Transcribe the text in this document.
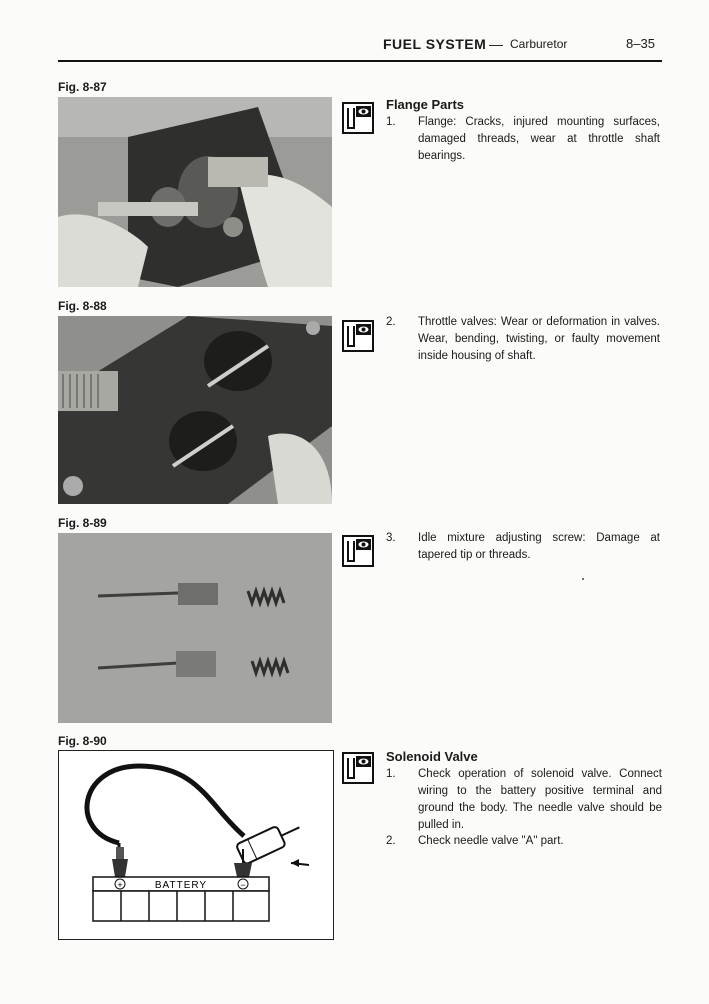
FUEL SYSTEM — Carburetor	8–35
Fig. 8-87
Fig. 8-88
Fig. 8-89
Fig. 8-90
+	−
BATTERY
Flange Parts
1. Flange: Cracks, injured mounting surfaces, damaged threads, wear at throttle shaft bearings.
2. Throttle valves: Wear or deformation in valves. Wear, bending, twisting, or faulty movement inside housing of shaft.
3. Idle mixture adjusting screw: Damage at tapered tip or threads.
Solenoid Valve
1. Check operation of solenoid valve. Connect wiring to the battery positive terminal and ground the body. The needle valve should be pulled in.
2. Check needle valve "A" part.
